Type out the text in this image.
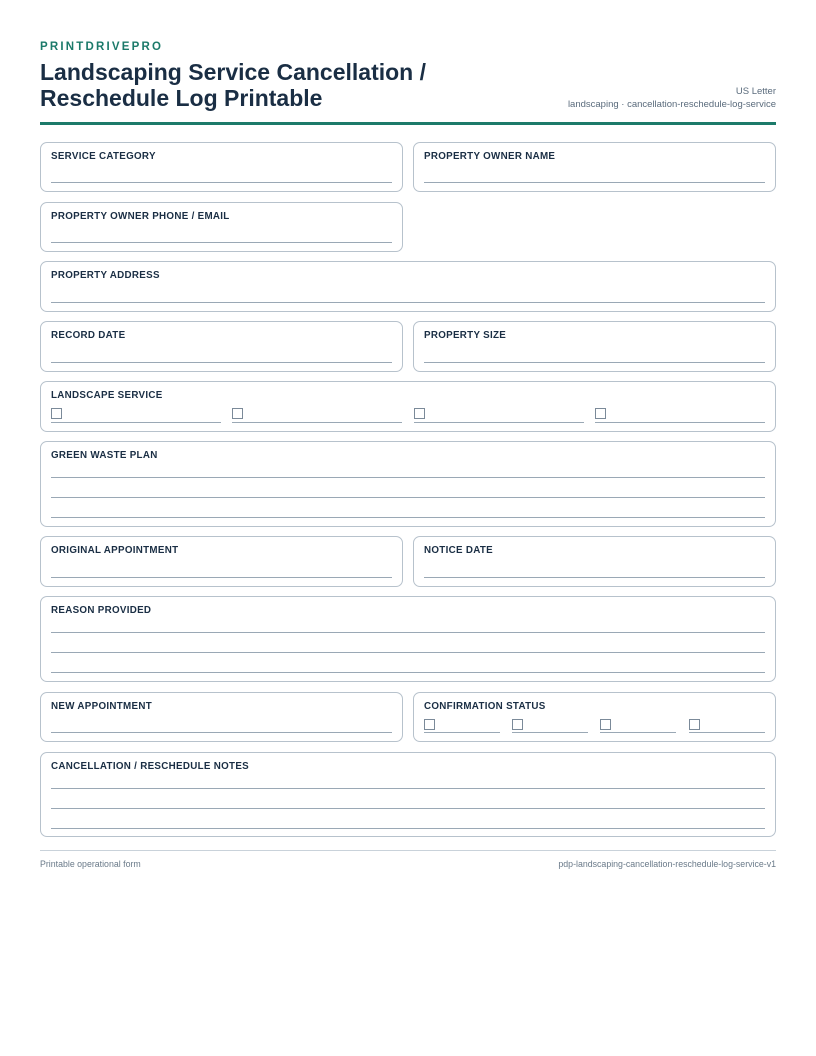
PRINTDRIVEPRO
Landscaping Service Cancellation / Reschedule Log Printable	US Letter
landscaping · cancellation-reschedule-log-service
SERVICE CATEGORY	PROPERTY OWNER NAME
PROPERTY OWNER PHONE / EMAIL
PROPERTY ADDRESS
RECORD DATE	PROPERTY SIZE
LANDSCAPE SERVICE
GREEN WASTE PLAN
ORIGINAL APPOINTMENT	NOTICE DATE
REASON PROVIDED
NEW APPOINTMENT	CONFIRMATION STATUS
CANCELLATION / RESCHEDULE NOTES
Printable operational form	pdp-landscaping-cancellation-reschedule-log-service-v1
